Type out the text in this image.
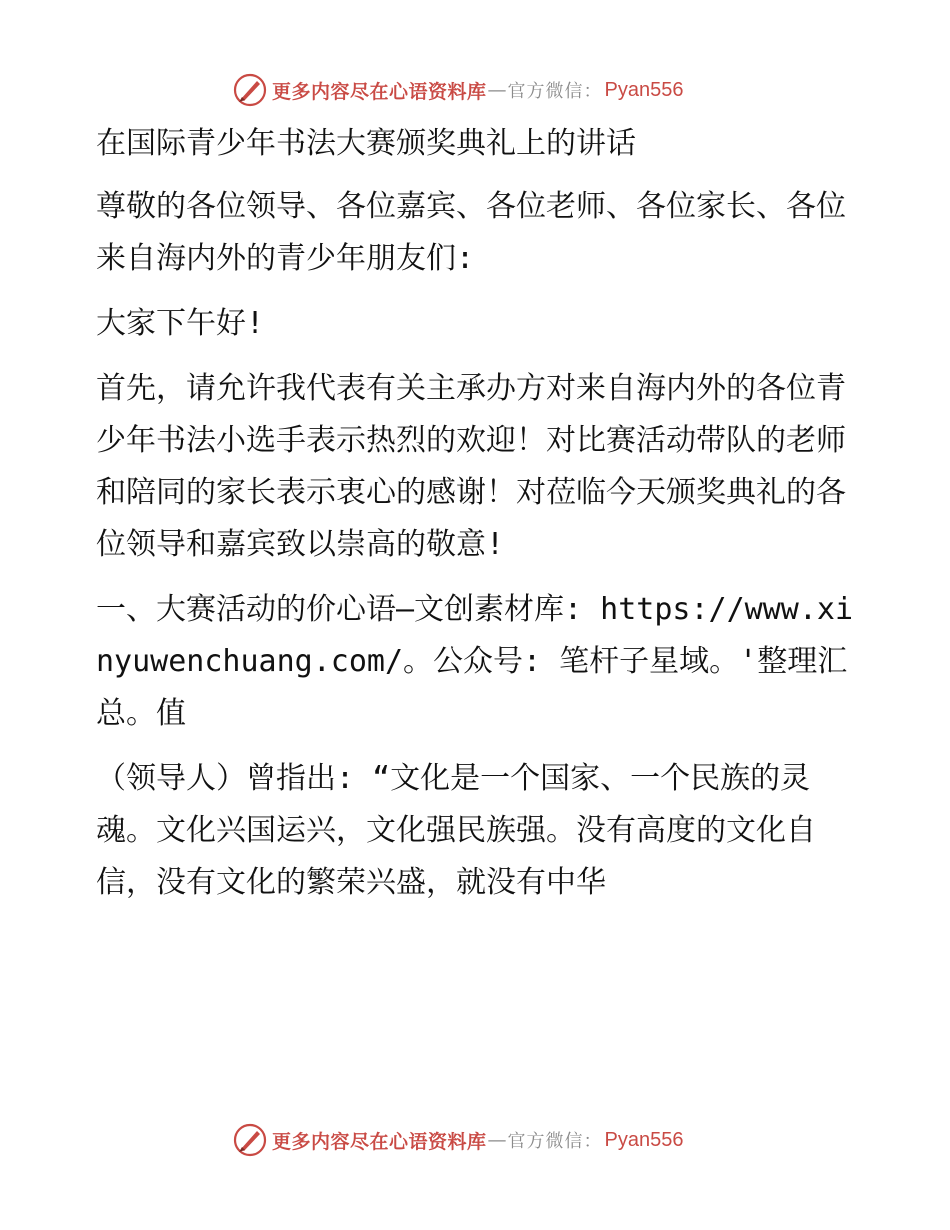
更多内容尽在心语资料库 — 官方微信： Pyan556

在国际青少年书法大赛颁奖典礼上的讲话

尊敬的各位领导、各位嘉宾、各位老师、各位家长、各位来自海内外的青少年朋友们:

大家下午好!

首先，请允许我代表有关主承办方对来自海内外的各位青少年书法小选手表示热烈的欢迎！对比赛活动带队的老师和陪同的家长表示衷心的感谢！对莅临今天颁奖典礼的各位领导和嘉宾致以崇高的敬意!

一、大赛活动的价心语—文创素材库: https://www.xinyuwenchuang.com/。公众号: 笔杆子星域。'整理汇总。值

（领导人）曾指出: “文化是一个国家、一个民族的灵魂。文化兴国运兴，文化强民族强。没有高度的文化自信，没有文化的繁荣兴盛，就没有中华

更多内容尽在心语资料库 — 官方微信： Pyan556
